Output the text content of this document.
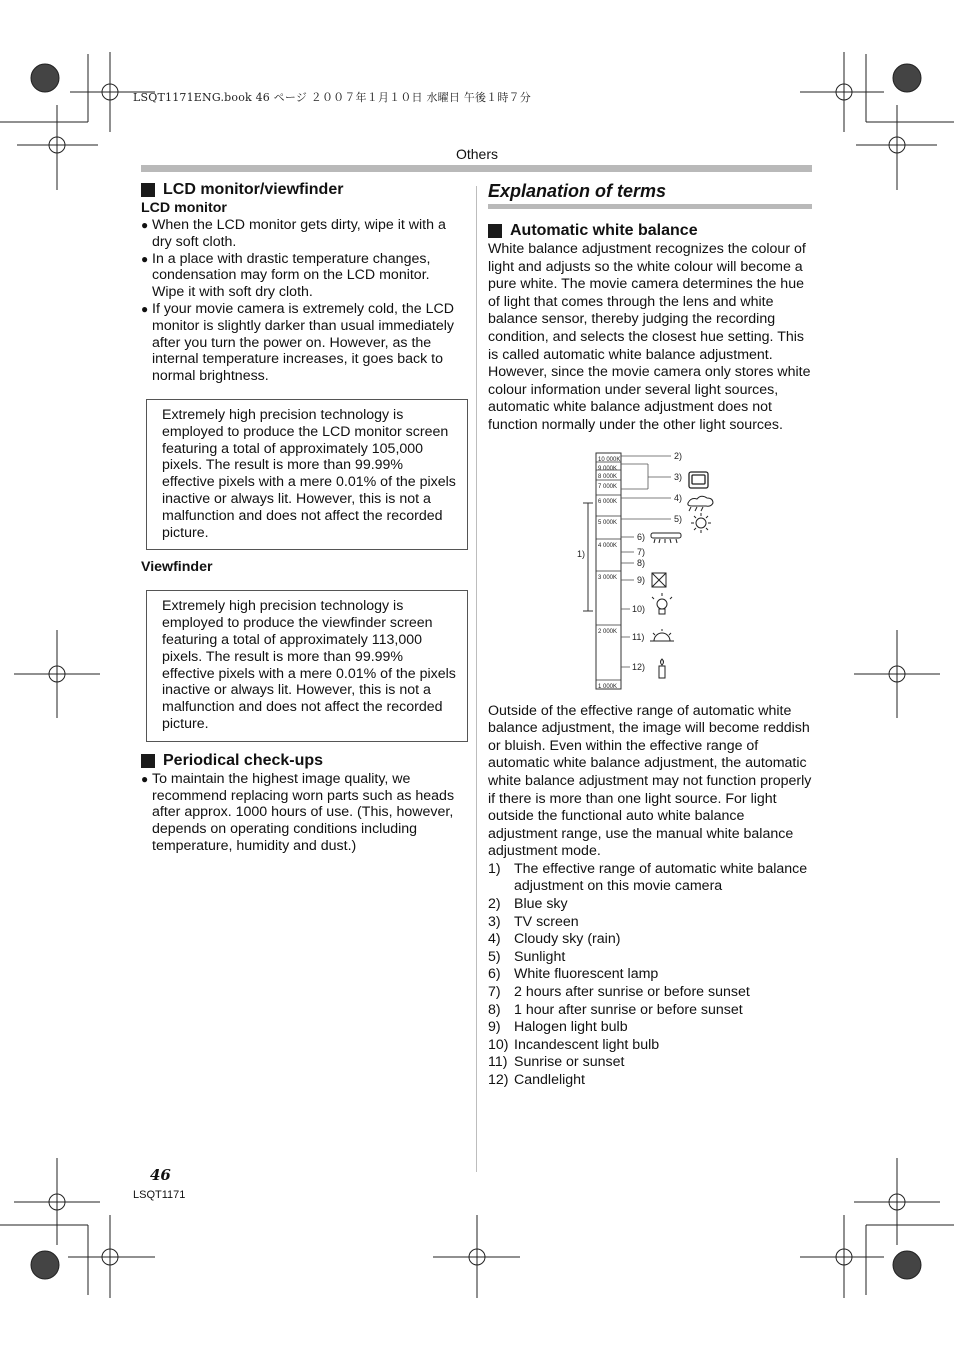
LSQT1171ENG.book 46 ページ ２００７年１月１０日 水曜日 午後１時７分
Others
LCD monitor/viewfinder
LCD monitor
● When the LCD monitor gets dirty, wipe it with a dry soft cloth.
● In a place with drastic temperature changes, condensation may form on the LCD monitor. Wipe it with soft dry cloth.
● If your movie camera is extremely cold, the LCD monitor is slightly darker than usual immediately after you turn the power on. However, as the internal temperature increases, it goes back to normal brightness.
Extremely high precision technology is employed to produce the LCD monitor screen featuring a total of approximately 105,000 pixels. The result is more than 99.99% effective pixels with a mere 0.01% of the pixels inactive or always lit. However, this is not a malfunction and does not affect the recorded picture.
Viewfinder
Extremely high precision technology is employed to produce the viewfinder screen featuring a total of approximately 113,000 pixels. The result is more than 99.99% effective pixels with a mere 0.01% of the pixels inactive or always lit. However, this is not a malfunction and does not affect the recorded picture.
Periodical check-ups
● To maintain the highest image quality, we recommend replacing worn parts such as heads after approx. 1000 hours of use. (This, however, depends on operating conditions including temperature, humidity and dust.)
Explanation of terms
Automatic white balance

White balance adjustment recognizes the colour of light and adjusts so the white colour will become a pure white. The movie camera determines the hue of light that comes through the lens and white balance sensor, thereby judging the recording condition, and selects the closest hue setting. This is called automatic white balance adjustment. However, since the movie camera only stores white colour information under several light sources, automatic white balance adjustment does not function normally under the other light sources.

10 000K
9 000K
8 000K
7 000K
6 000K
5 000K
4 000K
3 000K
2 000K
1 000K
1)
2)
3)
4)
5)
6)
7)
8)
9)
10)
11)
12)

Outside of the effective range of automatic white balance adjustment, the image will become reddish or bluish. Even within the effective range of automatic white balance adjustment, the automatic white balance adjustment may not function properly if there is more than one light source. For light outside the functional auto white balance adjustment range, use the manual white balance adjustment mode.

1) The effective range of automatic white balance adjustment on this movie camera
2) Blue sky
3) TV screen
4) Cloudy sky (rain)
5) Sunlight
6) White fluorescent lamp
7) 2 hours after sunrise or before sunset
8) 1 hour after sunrise or before sunset
9) Halogen light bulb
10) Incandescent light bulb
11) Sunrise or sunset
12) Candlelight
46
LSQT1171
